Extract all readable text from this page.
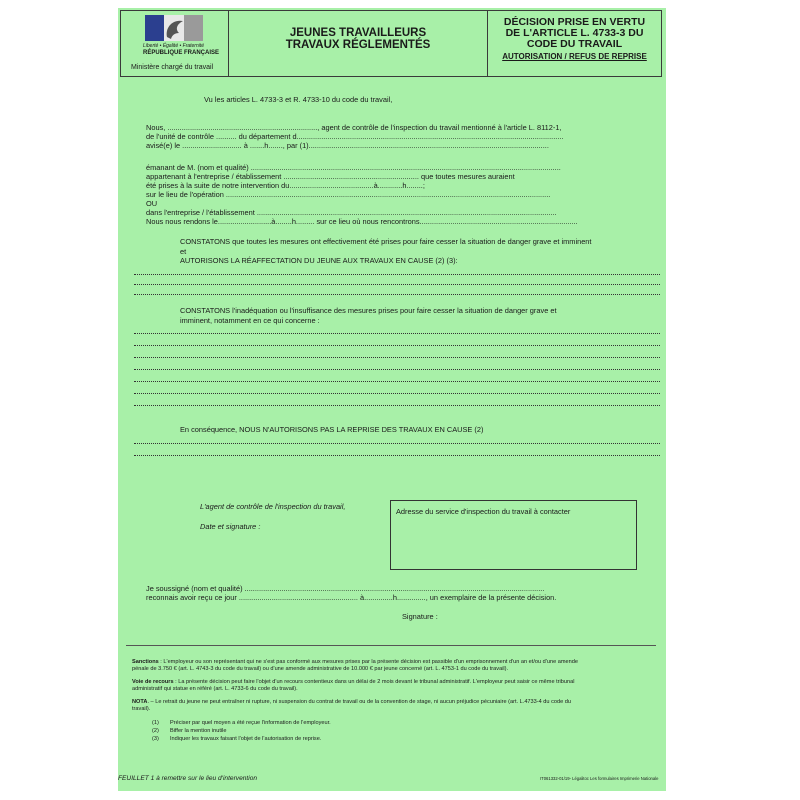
Liberté • Égalité • Fraternité
RÉPUBLIQUE FRANÇAISE
Ministère chargé du travail
JEUNES TRAVAILLEURS
TRAVAUX RÉGLEMENTÉS
DÉCISION PRISE EN VERTU
DE L'ARTICLE L. 4733-3 DU
CODE DU TRAVAIL
AUTORISATION / REFUS DE REPRISE
Vu les articles L. 4733-3 et R. 4733-10 du code du travail,
Nous, ........................................................................., agent de contrôle de l'inspection du travail mentionné à l'article L. 8112-1,
de l'unité de contrôle .......... du département d..................................................................................................................................
avisé(e) le ............................. à .......h......., par (1).....................................................................................................................
émanant de M. (nom et qualité) .......................................................................................................................................................
appartenant à l'entreprise / établissement .................................................................. que toutes mesures auraient
été prises à la suite de notre intervention du.........................................à............h........;
sur le lieu de l'opération ..............................................................................................................................................................
OU
dans l'entreprise / l'établissement ..................................................................................................................................................
Nous nous rendons le..........................à........h......... sur ce lieu où nous rencontrons.............................................................................
CONSTATONS que toutes les mesures ont effectivement été prises pour faire cesser la situation de danger grave et imminent
et
AUTORISONS LA RÉAFFECTATION DU JEUNE AUX TRAVAUX EN CAUSE (2) (3):
CONSTATONS l'inadéquation ou l'insuffisance des mesures prises pour faire cesser la situation de danger grave et
imminent, notamment en ce qui concerne :
En conséquence, NOUS N'AUTORISONS PAS LA REPRISE DES TRAVAUX EN CAUSE (2)
L'agent de contrôle de l'inspection du travail,
Date et signature :
Adresse du service d'inspection du travail à contacter
Je soussigné (nom et qualité) ..................................................................................................................................................
reconnais avoir reçu ce jour .......................................................... à..............h.............., un exemplaire de la présente décision.
Signature :
Sanctions : L'employeur ou son représentant qui ne s'est pas conformé aux mesures prises par la présente décision est passible d'un emprisonnement d'un an et/ou d'une amende
pénale de 3.750 € (art. L. 4743-3 du code du travail) ou d'une amende administrative de 10.000 € par jeune concerné (art. L. 4753-1 du code du travail).
Voie de recours : La présente décision peut faire l'objet d'un recours contentieux dans un délai de 2 mois devant le tribunal administratif. L'employeur peut saisir ce même tribunal
administratif qui statue en référé (art. L. 4733-6 du code du travail).
NOTA. – Le retrait du jeune ne peut entraîner ni rupture, ni suspension du contrat de travail ou de la convention de stage, ni aucun préjudice pécuniaire (art. L.4733-4 du code du
travail).
(1) Préciser par quel moyen a été reçue l'information de l'employeur.
(2) Biffer la mention inutile
(3) Indiquer les travaux faisant l'objet de l'autorisation de reprise.
FEUILLET 1 à remettre sur le lieu d'intervention	IT061332-01/19- Légalitoc Les formulaires Imprimerie Nationale
